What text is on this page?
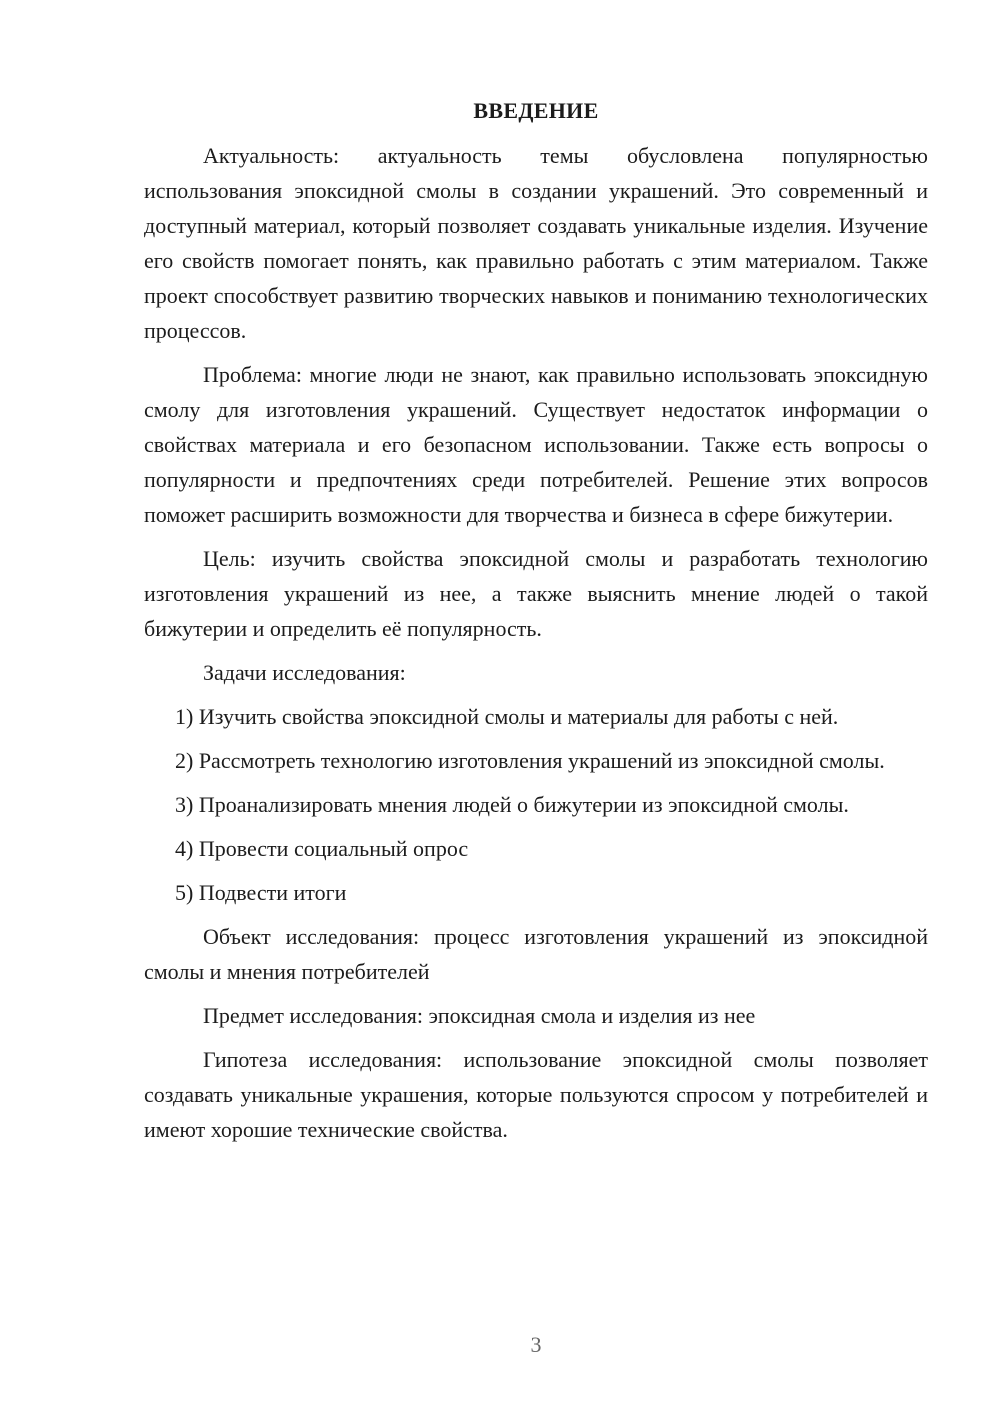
ВВЕДЕНИЕ

Актуальность: актуальность темы обусловлена популярностью использования эпоксидной смолы в создании украшений. Это современный и доступный материал, который позволяет создавать уникальные изделия. Изучение его свойств помогает понять, как правильно работать с этим материалом. Также проект способствует развитию творческих навыков и пониманию технологических процессов.

Проблема: многие люди не знают, как правильно использовать эпоксидную смолу для изготовления украшений. Существует недостаток информации о свойствах материала и его безопасном использовании. Также есть вопросы о популярности и предпочтениях среди потребителей. Решение этих вопросов поможет расширить возможности для творчества и бизнеса в сфере бижутерии.

Цель: изучить свойства эпоксидной смолы и разработать технологию изготовления украшений из нее, а также выяснить мнение людей о такой бижутерии и определить её популярность.

Задачи исследования:

1) Изучить свойства эпоксидной смолы и материалы для работы с ней.

2) Рассмотреть технологию изготовления украшений из эпоксидной смолы.

3) Проанализировать мнения людей о бижутерии из эпоксидной смолы.

4) Провести социальный опрос

5) Подвести итоги

Объект исследования: процесс изготовления украшений из эпоксидной смолы и мнения потребителей

Предмет исследования: эпоксидная смола и изделия из нее

Гипотеза исследования: использование эпоксидной смолы позволяет создавать уникальные украшения, которые пользуются спросом у потребителей и имеют хорошие технические свойства.

3
